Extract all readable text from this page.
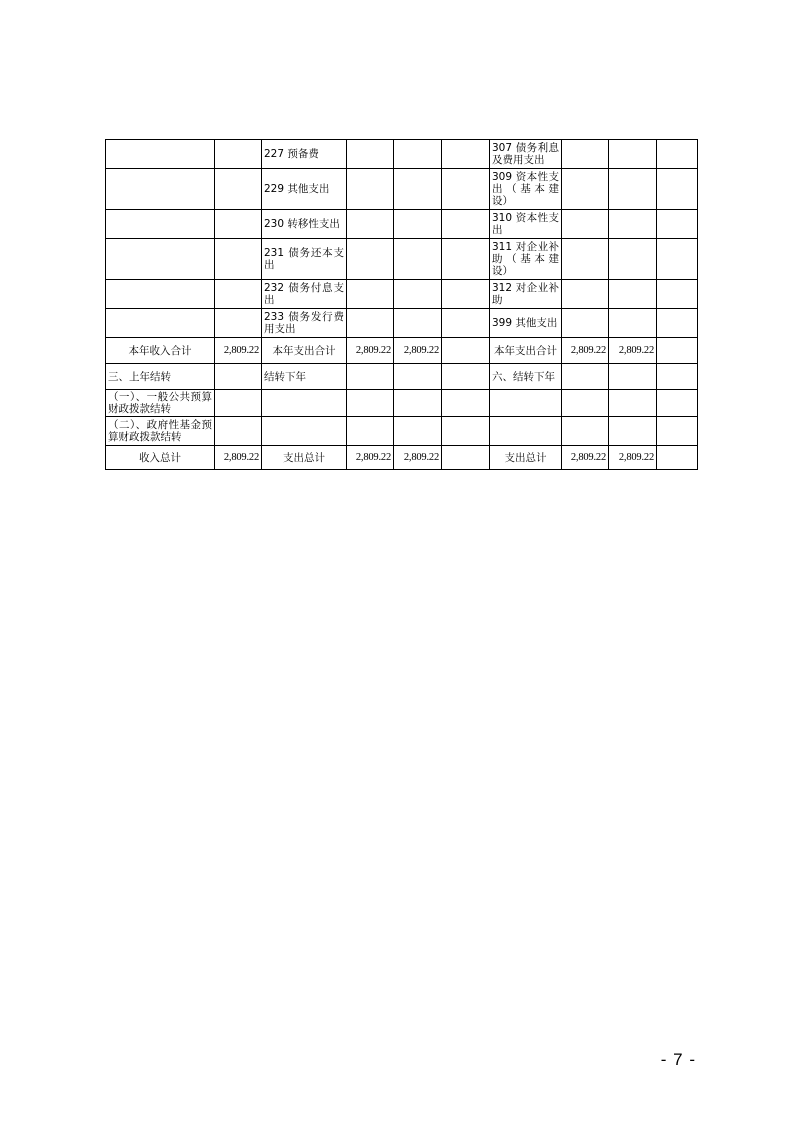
		227 预备费				307 债务利息及费用支出			
		229 其他支出				309 资本性支出（基本建设）			
		230 转移性支出				310 资本性支出			
		231 债务还本支出				311 对企业补助（基本建设）			
		232 债务付息支出				312 对企业补助			
		233 债务发行费用支出				399 其他支出			
本年收入合计	2,809.22	本年支出合计	2,809.22	2,809.22		本年支出合计	2,809.22	2,809.22	
三、上年结转		结转下年				六、结转下年			
（一）、一般公共预算财政拨款结转									
（二）、政府性基金预算财政拨款结转									
收入总计	2,809.22	支出总计	2,809.22	2,809.22		支出总计	2,809.22	2,809.22	
- 7 -
